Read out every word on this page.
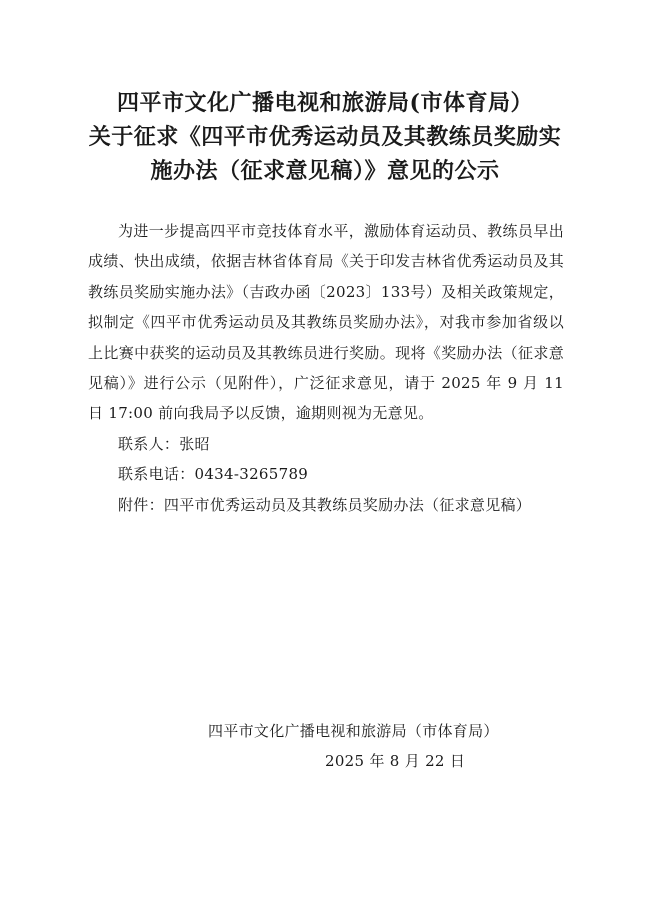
四平市文化广播电视和旅游局(市体育局）
关于征求《四平市优秀运动员及其教练员奖励实
施办法（征求意见稿）》意见的公示

为进一步提高四平市竞技体育水平，激励体育运动员、教练员早出成绩、快出成绩，依据吉林省体育局《关于印发吉林省优秀运动员及其教练员奖励实施办法》（吉政办函〔2023〕133号）及相关政策规定，拟制定《四平市优秀运动员及其教练员奖励办法》，对我市参加省级以上比赛中获奖的运动员及其教练员进行奖励。现将《奖励办法（征求意见稿）》进行公示（见附件），广泛征求意见，请于 2025 年 9 月 11 日 17:00 前向我局予以反馈，逾期则视为无意见。

联系人：张昭

联系电话：0434-3265789

附件：四平市优秀运动员及其教练员奖励办法（征求意见稿）

四平市文化广播电视和旅游局（市体育局）
2025 年 8 月 22 日
